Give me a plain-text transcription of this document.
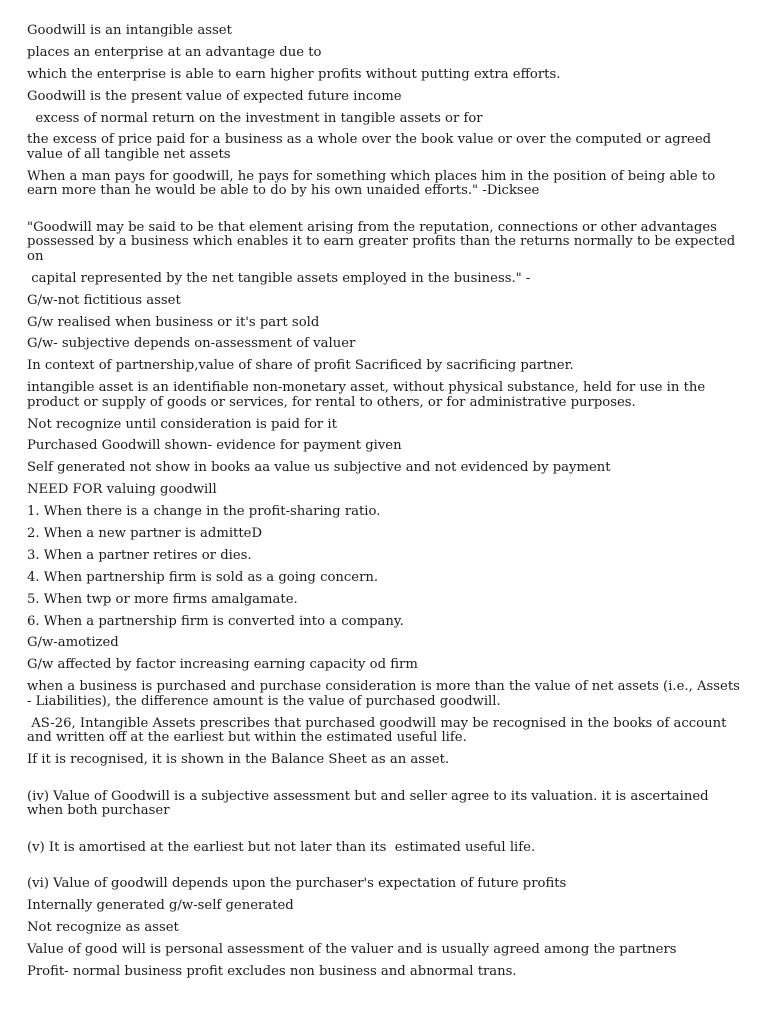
Goodwill is an intangible asset
places an enterprise at an advantage due to
which the enterprise is able to earn higher profits without putting extra efforts.
Goodwill is the present value of expected future income
excess of normal return on the investment in tangible assets or for
the excess of price paid for a business as a whole over the book value or over the computed or agreed value of all tangible net assets
When a man pays for goodwill, he pays for something which places him in the position of being able to earn more than he would be able to do by his own unaided efforts." -Dicksee
"Goodwill may be said to be that element arising from the reputation, connections or other advantages possessed by a business which enables it to earn greater profits than the returns normally to be expected on
capital represented by the net tangible assets employed in the business." -
G/w-not fictitious asset
G/w realised when business or it's part sold
G/w- subjective depends on-assessment of valuer
In context of partnership,value of share of profit Sacrificed by sacrificing partner.
intangible asset is an identifiable non-monetary asset, without physical substance, held for use in the product or supply of goods or services, for rental to others, or for administrative purposes.
Not recognize until consideration is paid for it
Purchased Goodwill shown- evidence for payment given
Self generated not show in books aa value us subjective and not evidenced by payment
NEED FOR valuing goodwill
1. When there is a change in the profit-sharing ratio.
2. When a new partner is admitteD
3. When a partner retires or dies.
4. When partnership firm is sold as a going concern.
5. When twp or more firms amalgamate.
6. When a partnership firm is converted into a company.
G/w-amotized
G/w affected by factor increasing earning capacity od firm
when a business is purchased and purchase consideration is more than the value of net assets (i.e., Assets - Liabilities), the difference amount is the value of purchased goodwill.
AS-26, Intangible Assets prescribes that purchased goodwill may be recognised in the books of account and written off at the earliest but within the estimated useful life.
If it is recognised, it is shown in the Balance Sheet as an asset.
(iv) Value of Goodwill is a subjective assessment but and seller agree to its valuation. it is ascertained when both purchaser
(v) It is amortised at the earliest but not later than its  estimated useful life.
(vi) Value of goodwill depends upon the purchaser's expectation of future profits
Internally generated g/w-self generated
Not recognize as asset
Value of good will is personal assessment of the valuer and is usually agreed among the partners
Profit- normal business profit excludes non business and abnormal trans.
